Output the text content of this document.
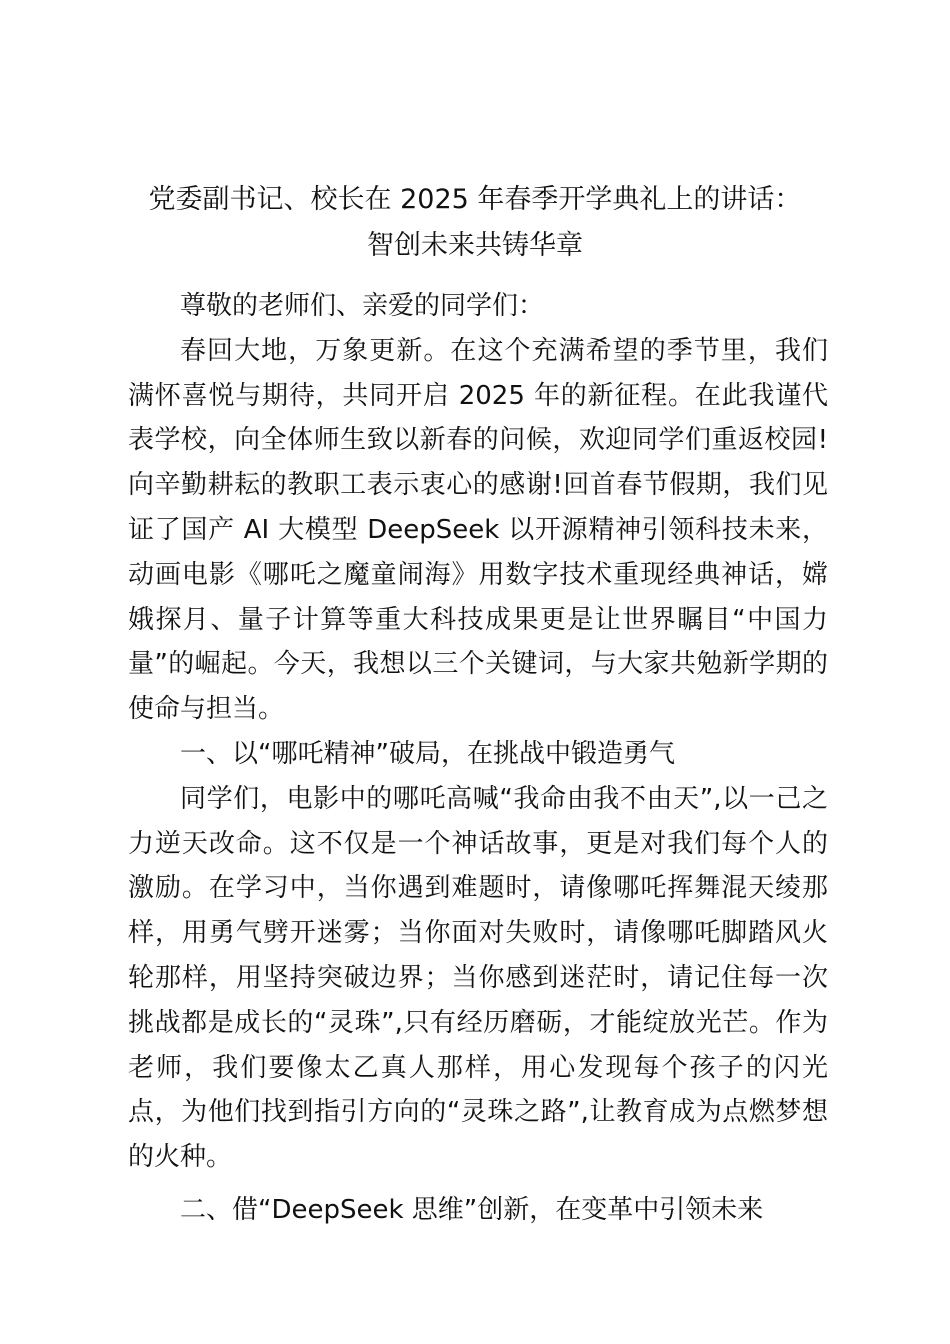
党委副书记、校长在 2025 年春季开学典礼上的讲话：
智创未来共铸华章

尊敬的老师们、亲爱的同学们：

春回大地，万象更新。在这个充满希望的季节里，我们满怀喜悦与期待，共同开启 2025 年的新征程。在此我谨代表学校，向全体师生致以新春的问候，欢迎同学们重返校园!向辛勤耕耘的教职工表示衷心的感谢!回首春节假期，我们见证了国产 AI 大模型 DeepSeek 以开源精神引领科技未来，动画电影《哪吒之魔童闹海》用数字技术重现经典神话，嫦娥探月、量子计算等重大科技成果更是让世界瞩目“中国力量”的崛起。今天，我想以三个关键词，与大家共勉新学期的使命与担当。

一、以“哪吒精神”破局，在挑战中锻造勇气

同学们，电影中的哪吒高喊“我命由我不由天”,以一己之力逆天改命。这不仅是一个神话故事，更是对我们每个人的激励。在学习中，当你遇到难题时，请像哪吒挥舞混天绫那样，用勇气劈开迷雾；当你面对失败时，请像哪吒脚踏风火轮那样，用坚持突破边界；当你感到迷茫时，请记住每一次挑战都是成长的“灵珠”,只有经历磨砺，才能绽放光芒。作为老师，我们要像太乙真人那样，用心发现每个孩子的闪光点，为他们找到指引方向的“灵珠之路”,让教育成为点燃梦想的火种。

二、借“DeepSeek 思维”创新，在变革中引领未来
